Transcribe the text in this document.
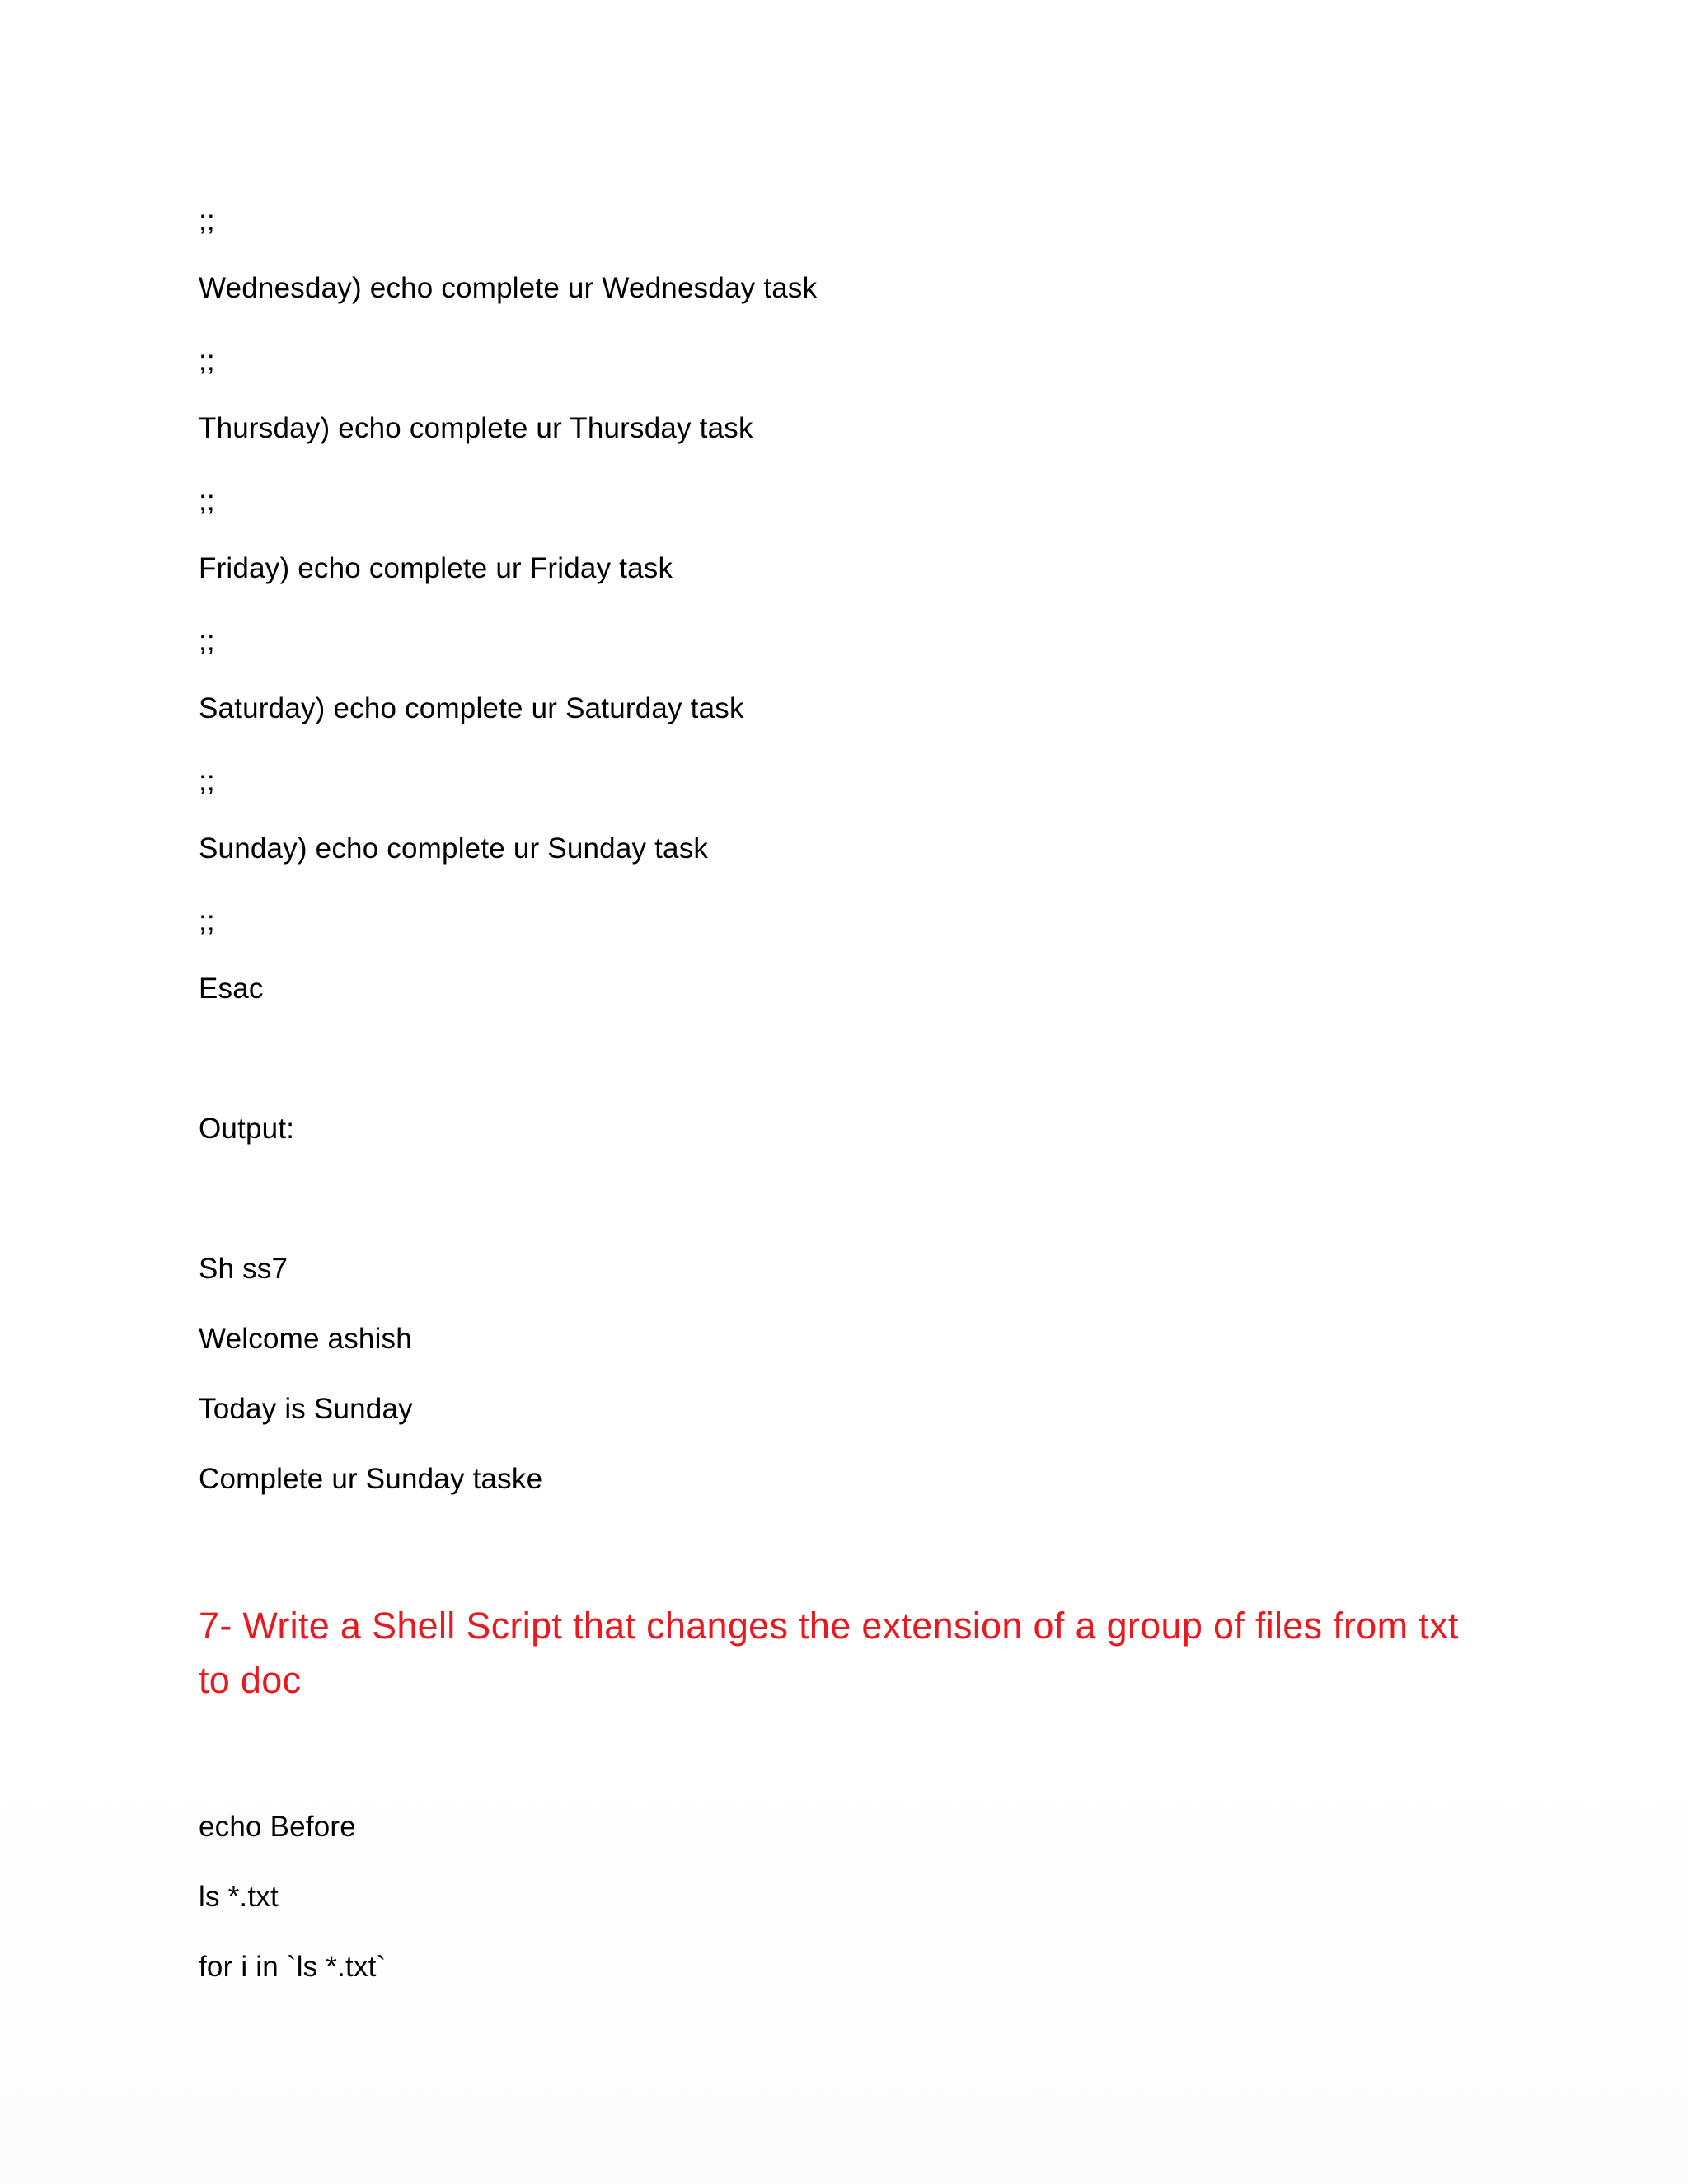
;;
Wednesday) echo complete ur Wednesday task
;;
Thursday) echo complete ur Thursday task
;;
Friday) echo complete ur Friday task
;;
Saturday) echo complete ur Saturday task
;;
Sunday) echo complete ur Sunday task
;;
Esac
Output:
Sh ss7
Welcome ashish
Today is Sunday
Complete ur Sunday taske
7- Write a Shell Script that changes the extension of a group of files from txt to doc
echo Before
ls *.txt
for i in `ls *.txt`
